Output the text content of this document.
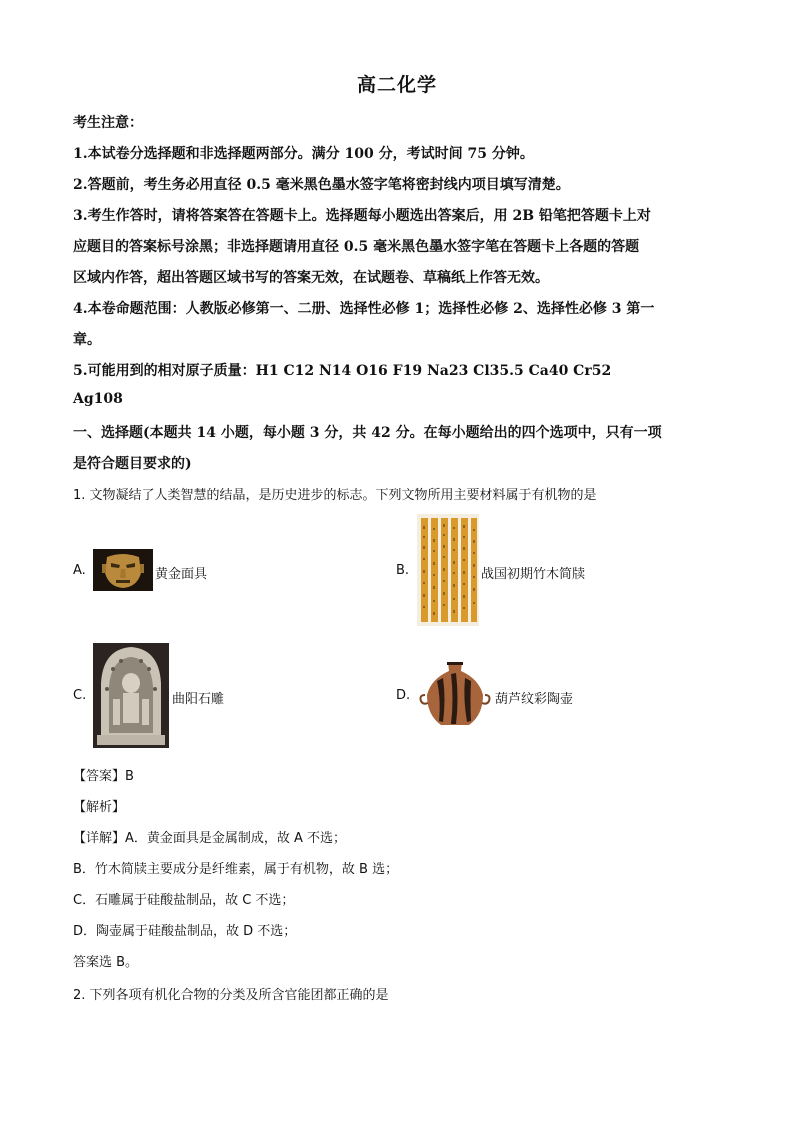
高二化学
考生注意：
1.本试卷分选择题和非选择题两部分。满分 100 分，考试时间 75 分钟。
2.答题前，考生务必用直径 0.5 毫米黑色墨水签字笔将密封线内项目填写清楚。
3.考生作答时，请将答案答在答题卡上。选择题每小题选出答案后，用 2B 铅笔把答题卡上对
应题目的答案标号涂黑；非选择题请用直径 0.5 毫米黑色墨水签字笔在答题卡上各题的答题
区域内作答，超出答题区域书写的答案无效，在试题卷、草稿纸上作答无效。
4.本卷命题范围：人教版必修第一、二册、选择性必修 1；选择性必修 2、选择性必修 3 第一
章。
5.可能用到的相对原子质量：H1 C12 N14 O16 F19 Na23 Cl35.5 Ca40 Cr52
Ag108
一、选择题(本题共 14 小题，每小题 3 分，共 42 分。在每小题给出的四个选项中，只有一项
是符合题目要求的)
1. 文物凝结了人类智慧的结晶，是历史进步的标志。下列文物所用主要材料属于有机物的是
A.	黄金面具	B.	战国初期竹木简牍
C.	曲阳石雕	D.	葫芦纹彩陶壶
【答案】B
【解析】
【详解】A．黄金面具是金属制成，故 A 不选；
B．竹木简牍主要成分是纤维素，属于有机物，故 B 选；
C．石雕属于硅酸盐制品，故 C 不选；
D．陶壶属于硅酸盐制品，故 D 不选；
答案选 B。
2. 下列各项有机化合物的分类及所含官能团都正确的是
